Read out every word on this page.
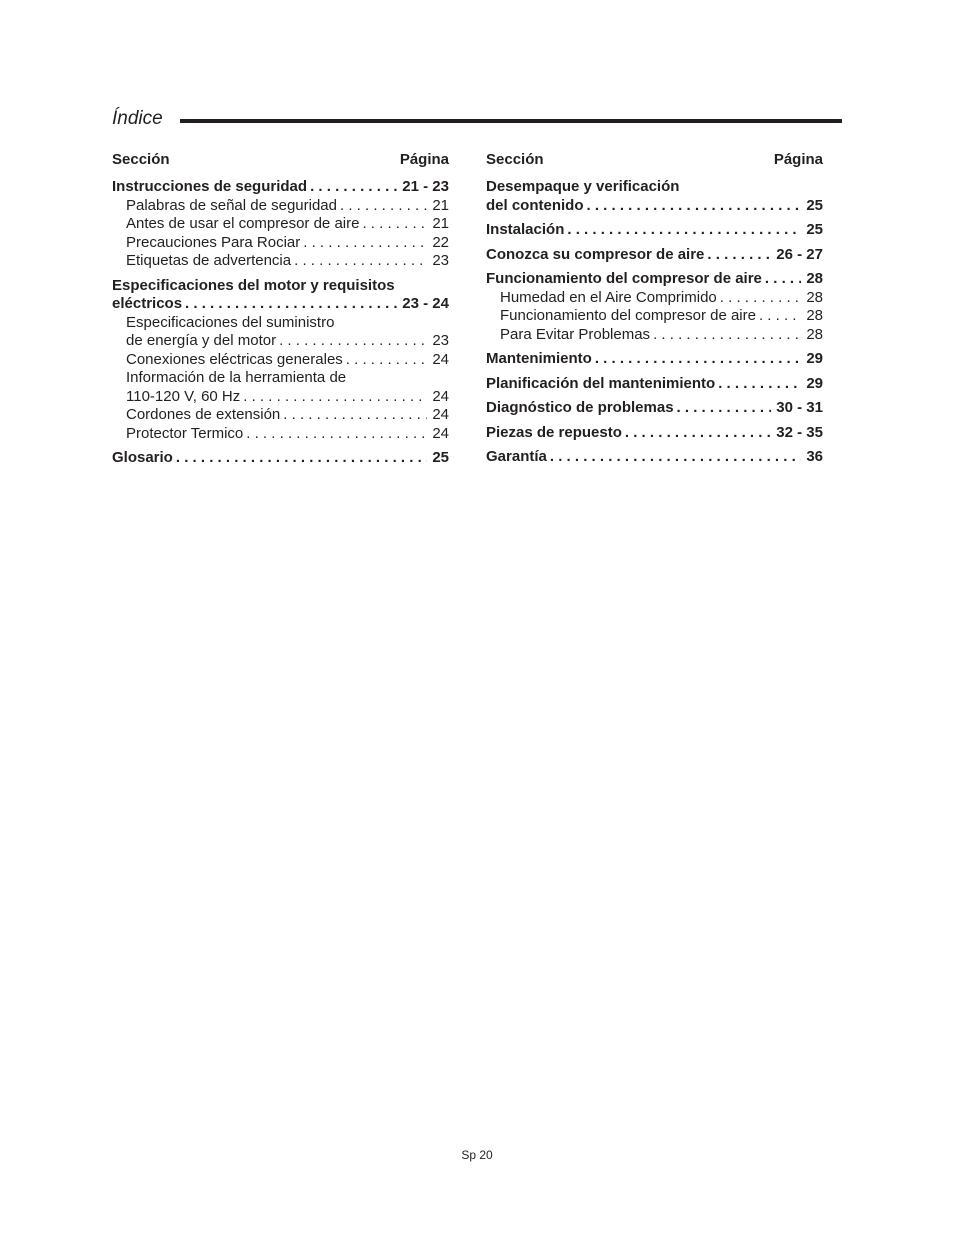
Índice
Sección	Página
Instrucciones de seguridad . . .	21 - 23
Palabras de señal de seguridad . . .	21
Antes de usar el compresor de aire . . .	21
Precauciones Para Rociar . . .	22
Etiquetas de advertencia . . .	23
Especificaciones del motor y requisitos
eléctricos . . .	23 - 24
Especificaciones del suministro
de energía y del motor . . .	23
Conexiones eléctricas generales . . .	24
Información de la herramienta de
110-120 V, 60 Hz . . .	24
Cordones de extensión . . .	24
Protector Termico . . .	24
Glosario . . .	25
Sección	Página
Desempaque y verificación
del contenido . . .	25
Instalación . . .	25
Conozca su compresor de aire . . .	26 - 27
Funcionamiento del compresor de aire . . .	28
Humedad en el Aire Comprimido . . .	28
Funcionamiento del compresor de aire . . .	28
Para Evitar Problemas . . .	28
Mantenimiento . . .	29
Planificación del mantenimiento . . .	29
Diagnóstico de problemas . . .	30 - 31
Piezas de repuesto . . .	32 - 35
Garantía . . .	36
Sp 20
